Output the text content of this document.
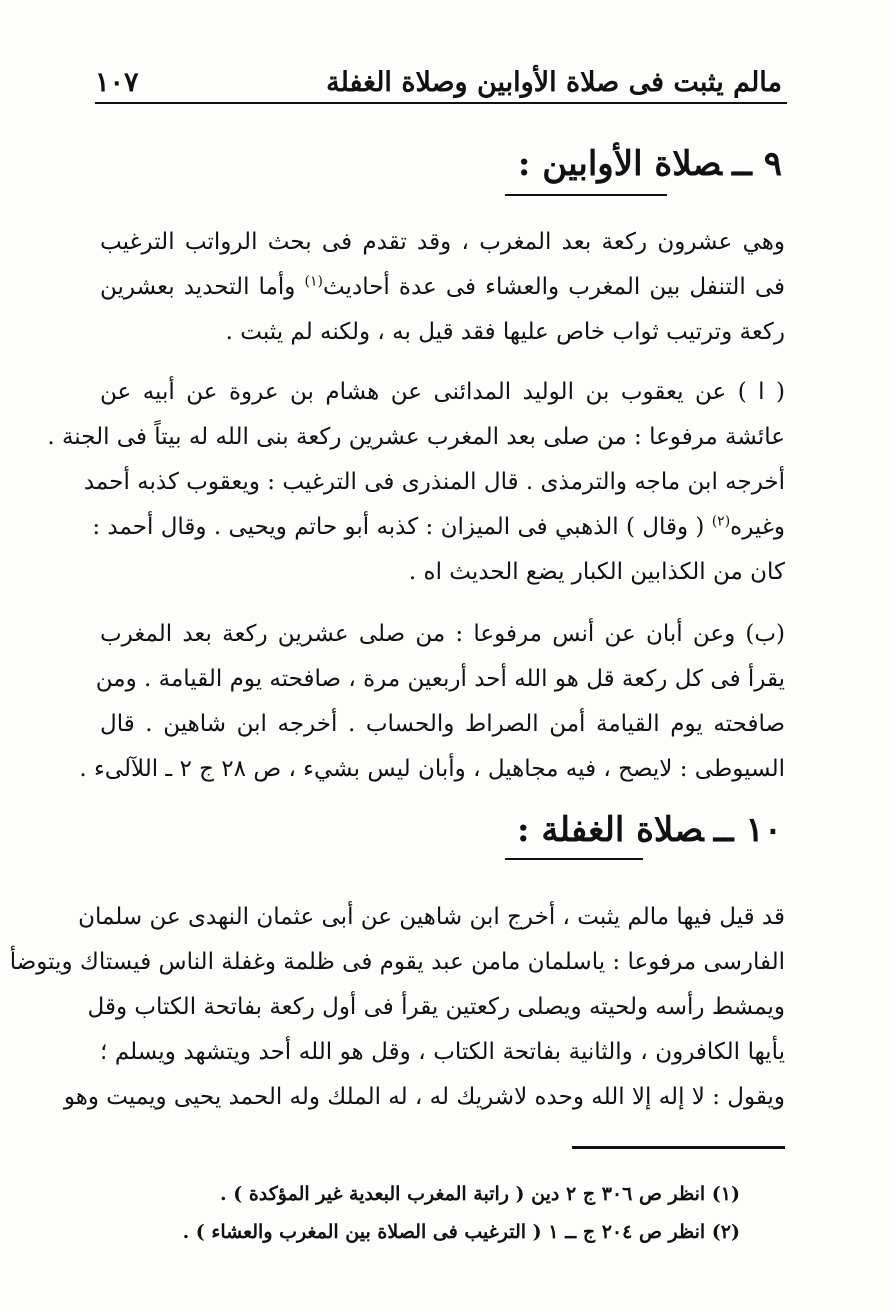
مالم يثبت فى صلاة الأوابين وصلاة الغفلة
١٠٧
٩ ــصلاة الأوابين :
وهي عشرون ركعة بعد المغرب ، وقد تقدم فى بحث الرواتب الترغيب
فى التنفل بين المغرب والعشاء فى عدة أحاديث$^{(١)}$ وأما التحديد بعشرين
ركعة وترتيب ثواب خاص عليها فقد قيل به ، ولكنه لم يثبت .
( ا ) عن يعقوب بن الوليد المدائنى عن هشام بن عروة عن أبيه عن
عائشة مرفوعا : من صلى بعد المغرب عشرين ركعة بنى الله له بيتاً فى الجنة .
أخرجه ابن ماجه والترمذى . قال المنذرى فى الترغيب : ويعقوب كذبه أحمد
وغيره$^{(٢)}$ ( وقال ) الذهبي فى الميزان : كذبه أبو حاتم ويحيى . وقال أحمد :
كان من الكذابين الكبار يضع الحديث اه .
(ب) وعن أبان عن أنس مرفوعا : من صلى عشرين ركعة بعد المغرب
يقرأ فى كل ركعة قل هو الله أحد أربعين مرة ، صافحته يوم القيامة . ومن
صافحته يوم القيامة أمن الصراط والحساب . أخرجه ابن شاهين . قال
السيوطى : لايصح ، فيه مجاهيل ، وأبان ليس بشيء ، ص ٢٨ ج ٢ ـ اللآلىء .
١٠ ــصلاة الغفلة :
قد قيل فيها مالم يثبت ، أخرج ابن شاهين عن أبى عثمان النهدى عن سلمان
الفارسى مرفوعا : ياسلمان مامن عبد يقوم فى ظلمة وغفلة الناس فيستاك ويتوضأ
ويمشط رأسه ولحيته ويصلى ركعتين يقرأ فى أول ركعة بفاتحة الكتاب وقل
يأيها الكافرون ، والثانية بفاتحة الكتاب ، وقل هو الله أحد ويتشهد ويسلم ؛
ويقول : لا إله إلا الله وحده لاشريك له ، له الملك وله الحمد يحيى ويميت وهو
(١) انظر ص ٣٠٦ ج ٢ دين ( راتبة المغرب البعدية غير المؤكدة ) .
(٢) انظر ص ٢٠٤ ج ــ ١ ( الترغيب فى الصلاة بين المغرب والعشاء ) .
